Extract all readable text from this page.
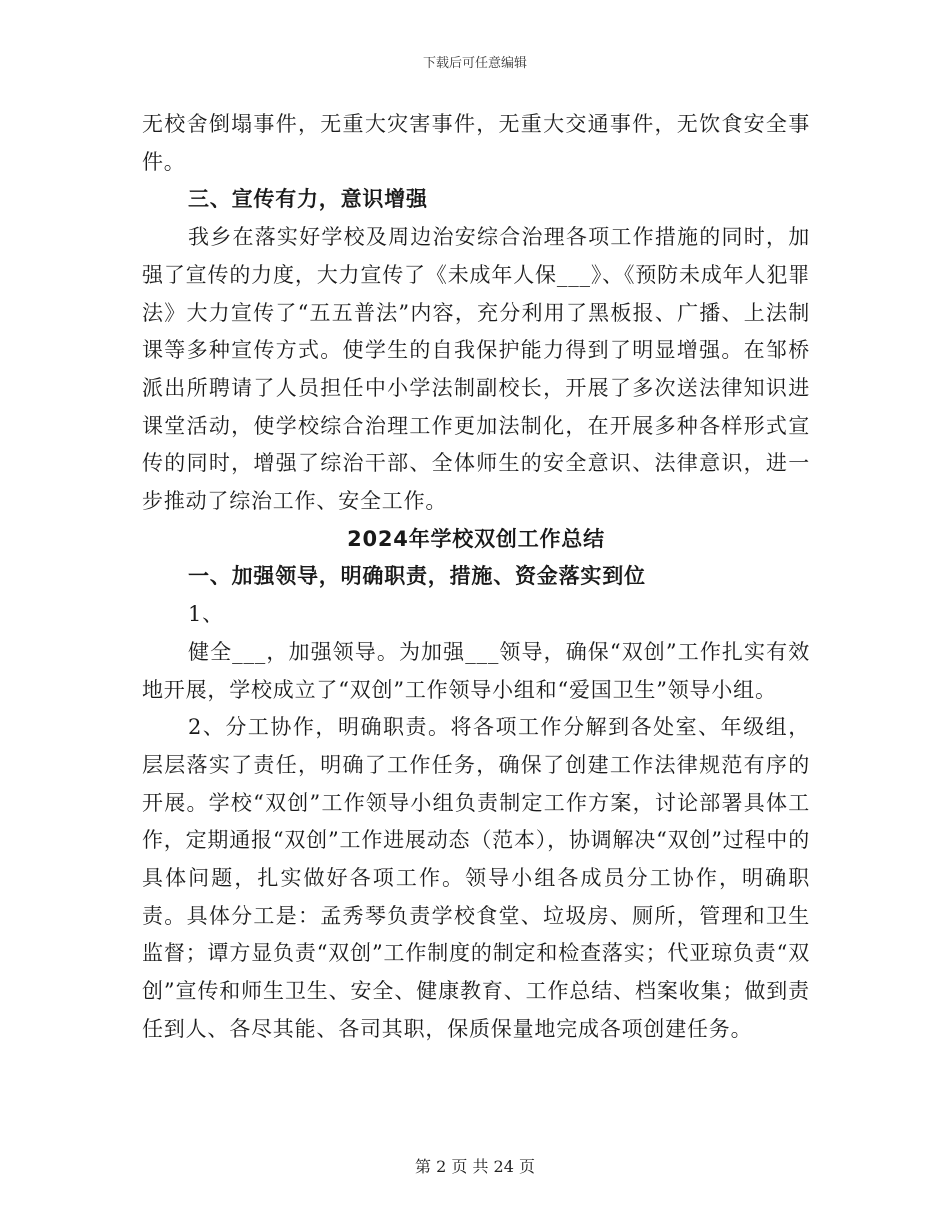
下载后可任意编辑

无校舍倒塌事件，无重大灾害事件，无重大交通事件，无饮食安全事件。

三、宣传有力，意识增强

我乡在落实好学校及周边治安综合治理各项工作措施的同时，加强了宣传的力度，大力宣传了《未成年人保___》、《预防未成年人犯罪法》大力宣传了“五五普法”内容，充分利用了黑板报、广播、上法制课等多种宣传方式。使学生的自我保护能力得到了明显增强。在邹桥派出所聘请了人员担任中小学法制副校长，开展了多次送法律知识进课堂活动，使学校综合治理工作更加法制化，在开展多种各样形式宣传的同时，增强了综治干部、全体师生的安全意识、法律意识，进一步推动了综治工作、安全工作。

2024年学校双创工作总结

一、加强领导，明确职责，措施、资金落实到位

1、

健全___，加强领导。为加强___领导，确保“双创”工作扎实有效地开展，学校成立了“双创”工作领导小组和“爱国卫生”领导小组。

2、分工协作，明确职责。将各项工作分解到各处室、年级组，层层落实了责任，明确了工作任务，确保了创建工作法律规范有序的开展。学校“双创”工作领导小组负责制定工作方案，讨论部署具体工作，定期通报“双创”工作进展动态（范本），协调解决“双创”过程中的具体问题，扎实做好各项工作。领导小组各成员分工协作，明确职责。具体分工是：孟秀琴负责学校食堂、垃圾房、厕所，管理和卫生监督；谭方显负责“双创”工作制度的制定和检查落实；代亚琼负责“双创”宣传和师生卫生、安全、健康教育、工作总结、档案收集；做到责任到人、各尽其能、各司其职，保质保量地完成各项创建任务。

第 2 页 共 24 页
